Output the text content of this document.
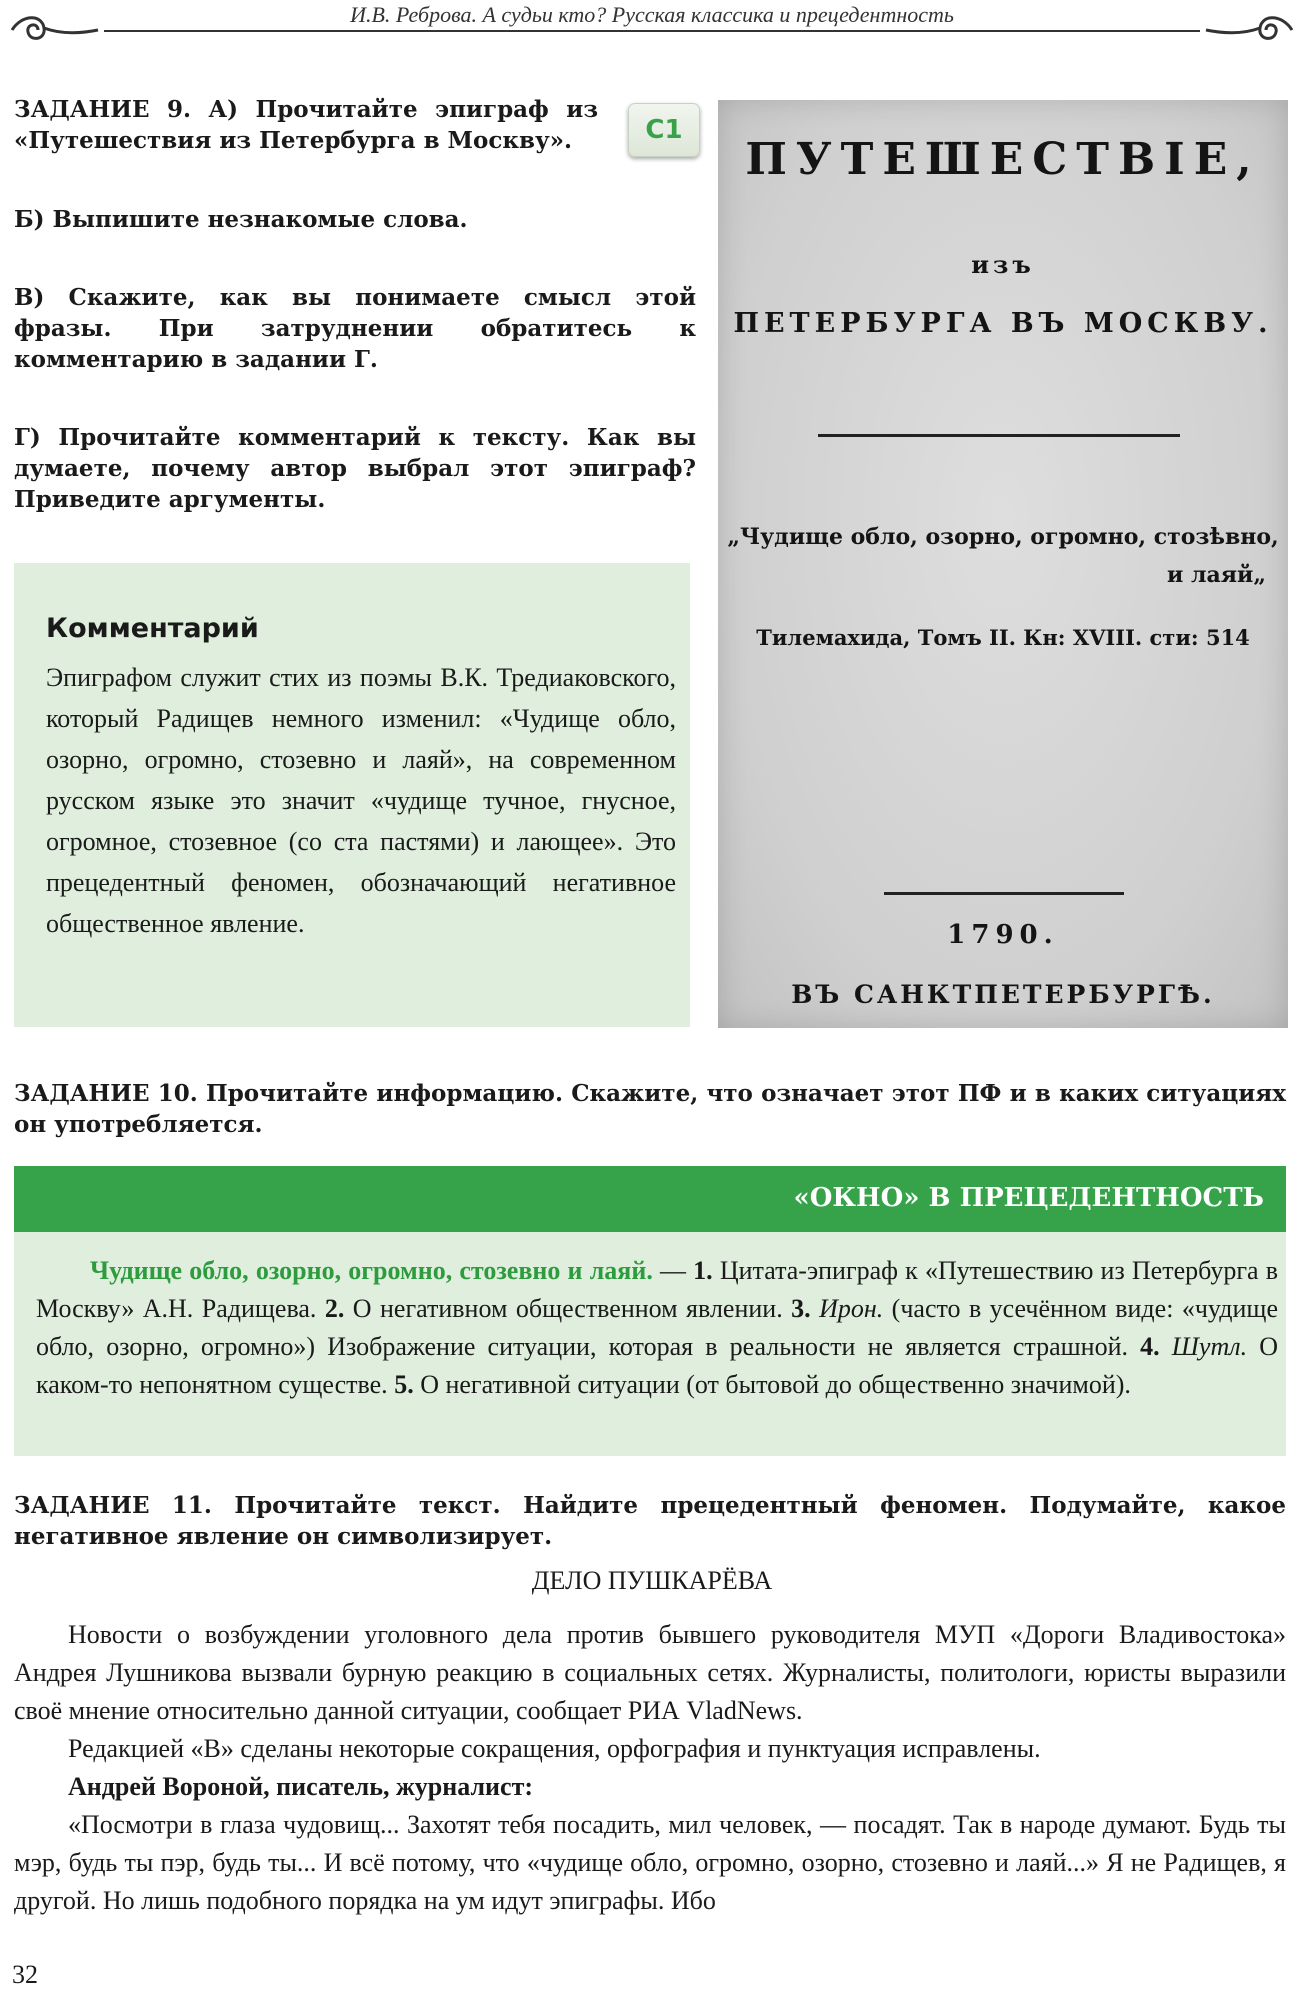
И.В. Реброва. А судьи кто? Русская классика и прецедентность
ЗАДАНИЕ 9. А) Прочитайте эпиграф из «Путешествия из Петербурга в Москву».	С1
Б) Выпишите незнакомые слова.
В) Скажите, как вы понимаете смысл этой фразы. При затруднении обратитесь к комментарию в задании Г.
Г) Прочитайте комментарий к тексту. Как вы думаете, почему автор выбрал этот эпиграф? Приведите аргументы.
Комментарий
Эпиграфом служит стих из поэмы В.К. Тредиаковского, который Радищев немного изменил: «Чудище обло, озорно, огромно, стозевно и лаяй», на современном русском языке это значит «чудище тучное, гнусное, огромное, стозевное (со ста пастями) и лающее». Это прецедентный феномен, обозначающий негативное общественное явление.
ПУТЕШЕСТВІЕ,
изъ
ПЕТЕРБУРГА ВЪ МОСКВУ.
„Чудище обло, озорно, огромно, стозѣвно,
и лаяй„
Тилемахида, Томъ II. Кн: XVIII. сти: 514
1790.
ВЪ САНКТПЕТЕРБУРГѢ.
ЗАДАНИЕ 10. Прочитайте информацию. Скажите, что означает этот ПФ и в каких ситуациях он употребляется.
«ОКНО» В ПРЕЦЕДЕНТНОСТЬ

Чудище обло, озорно, огромно, стозевно и лаяй. — 1. Цитата-эпиграф к «Путешествию из Петербурга в Москву» А.Н. Радищева. 2. О негативном общественном явлении. 3. Ирон. (часто в усечённом виде: «чудище обло, озорно, огромно») Изображение ситуации, которая в реальности не является страшной. 4. Шутл. О каком-то непонятном существе. 5. О негативной ситуации (от бытовой до общественно значимой).

ЗАДАНИЕ 11. Прочитайте текст. Найдите прецедентный феномен. Подумайте, какое негативное явление он символизирует.
ДЕЛО ПУШКАРЁВА

Новости о возбуждении уголовного дела против бывшего руководителя МУП «Дороги Владивостока» Андрея Лушникова вызвали бурную реакцию в социальных сетях. Журналисты, политологи, юристы выразили своё мнение относительно данной ситуации, сообщает РИА VladNews.

Редакцией «В» сделаны некоторые сокращения, орфография и пунктуация исправлены.

Андрей Вороной, писатель, журналист:

«Посмотри в глаза чудовищ... Захотят тебя посадить, мил человек, — посадят. Так в народе думают. Будь ты мэр, будь ты пэр, будь ты... И всё потому, что «чудище обло, огромно, озорно, стозевно и лаяй...» Я не Радищев, я другой. Но лишь подобного порядка на ум идут эпиграфы. Ибо

32
